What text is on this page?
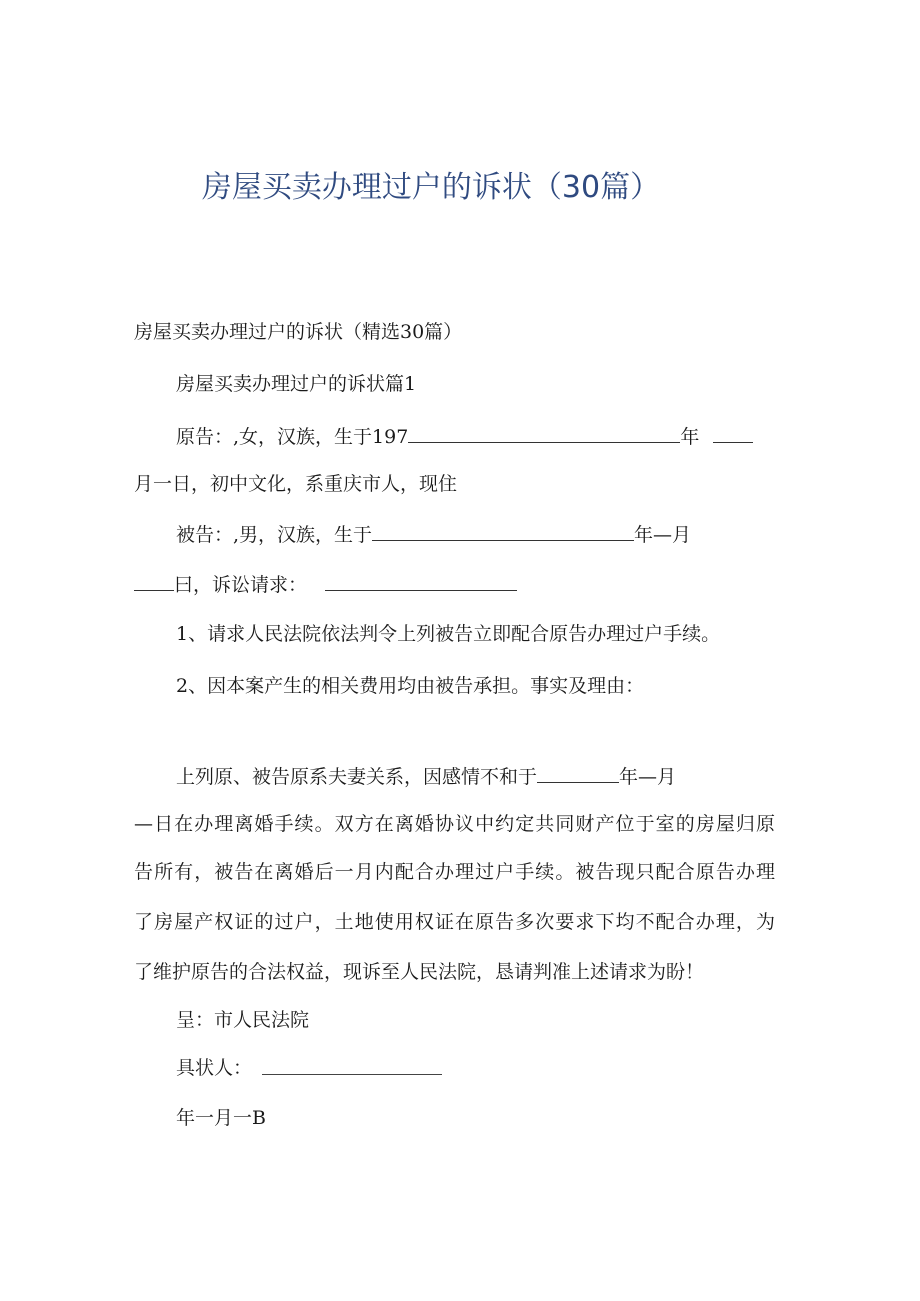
房屋买卖办理过户的诉状（30篇）
房屋买卖办理过户的诉状（精选30篇）
房屋买卖办理过户的诉状篇1
原告：,女，汉族，生于197	年
月一日，初中文化，系重庆市人，现住
被告：,男，汉族，生于	年—月
曰，诉讼请求：
1、请求人民法院依法判令上列被告立即配合原告办理过户手续。
2、因本案产生的相关费用均由被告承担。事实及理由：
上列原、被告原系夫妻关系，因感情不和于	年—月
—日在办理离婚手续。双方在离婚协议中约定共同财产位于室的房屋归原
告所有，被告在离婚后一月内配合办理过户手续。被告现只配合原告办理
了房屋产权证的过户，土地使用权证在原告多次要求下均不配合办理，为
了维护原告的合法权益，现诉至人民法院，恳请判准上述请求为盼！
呈：市人民法院
具状人：
年一月一B
